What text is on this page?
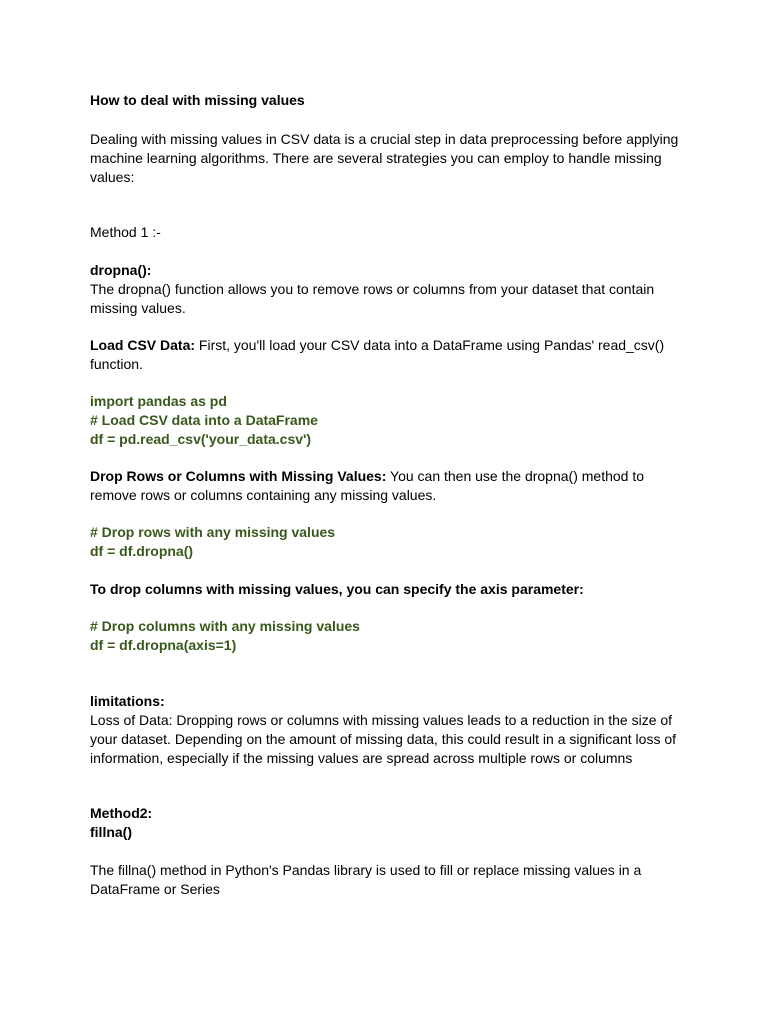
How to deal with missing values
Dealing with missing values in CSV data is a crucial step in data preprocessing before applying
machine learning algorithms. There are several strategies you can employ to handle missing
values:
Method 1 :-
dropna():
The dropna() function allows you to remove rows or columns from your dataset that contain
missing values.
Load CSV Data: First, you'll load your CSV data into a DataFrame using Pandas' read_csv()
function.
import pandas as pd
# Load CSV data into a DataFrame
df = pd.read_csv('your_data.csv')
Drop Rows or Columns with Missing Values: You can then use the dropna() method to
remove rows or columns containing any missing values.
# Drop rows with any missing values
df = df.dropna()
To drop columns with missing values, you can specify the axis parameter:
# Drop columns with any missing values
df = df.dropna(axis=1)
limitations:
Loss of Data: Dropping rows or columns with missing values leads to a reduction in the size of
your dataset. Depending on the amount of missing data, this could result in a significant loss of
information, especially if the missing values are spread across multiple rows or columns
Method2:
fillna()
The fillna() method in Python's Pandas library is used to fill or replace missing values in a
DataFrame or Series
